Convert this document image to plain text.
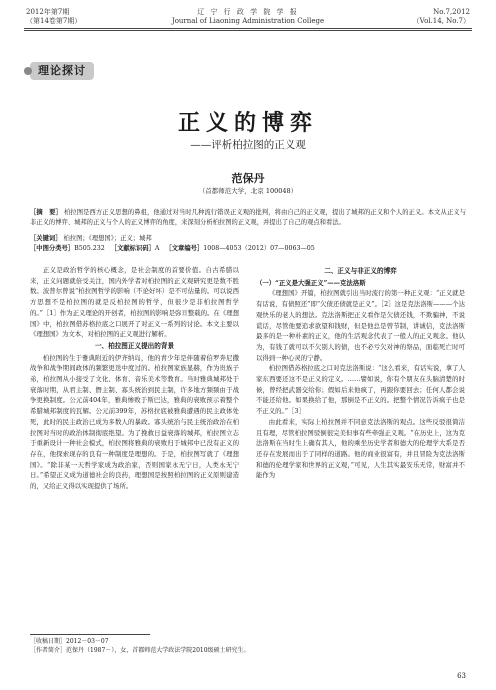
2012年第7期
（第14卷第7期）
辽 宁 行 政 学 院 学 报
Journal of Liaoning Administration College
No.7,2012
（Vol.14, No.7）
理论探讨
正义的博弈
——评析柏拉图的正义观
范保丹
（首都师范大学，北京 100048）
［摘　要］ 柏拉图是西方正义思想的鼻祖，他通过对当时几种流行错误正义观的批判，将由自己的正义观，提出了城邦的正义和个人的正义。本文从正义与非正义的博弈、城邦的正义与个人的正义博弈的角度，来深刻分析柏拉图的正义观，并提出了自己的观点和看法。
［关键词］ 柏拉图；《理想国》；正义；城邦
［中图分类号］B505.232 ［文献标识码］A ［文章编号］1008—4053（2012）07—0063—05

正义是政治哲学的核心概念，是社会制度的首要价值。自古希腊以来，正义问题就倍受关注，国内外学者对柏拉图的正义观研究更是数不胜数。波普尔曾说“柏拉图哲学的影响（不论好坏）是不可估量的。可以说西方思想不是柏拉图的就是反柏拉图的哲学，但很少是非柏拉图哲学的。”［1］作为正义理论的开创者，柏拉图的影响是弥亘整载的。在《理想国》中，柏拉图借苏格拉底之口展开了对正义一系列的讨论。本文主要以《理想国》为文本，对柏拉图的正义观进行解析。

一、柏拉图正义提出的背景

柏拉图的生于雅典附近的伊齐纳岛，他的青少年是伴随着伯罗奔尼撒战争和战争期间政体的频繁更迭中度过的。柏拉图家族显赫，作为贵族子弟，柏拉图从小接受了文化、体育、音乐美术等教育。当时雅典城邦处于衰落时期，从君主制、僭主制、寡头统治到民主制，许多地方频频由于战争更换制度。公元前404年，雅典惨败于斯巴达，雅典的衰败预示着整个希腊城邦制度的瓦解。公元前399年，苏格拉底被雅典遭遇的民主政体处死，此时的民主政治已成为多数人的暴政。寡头统治与民主统治政治在柏拉图对当时的政治体制彻底绝望。为了挽救日益衰落的城邦，柏拉图立志于重新设计一种社会模式，柏拉图将雅典的衰败归于城邦中已没有正义的存在，他探索现存的良有一种制度是理想的。于是，柏拉图写就了《理想国》。“除非某一天哲学家成为政治家，否则国家永无宁日，人类永无宁日。”希望正义成为道德社会的良药，理想国是按照柏拉图的正义原则建造的，又给正义得以实现提供了场所。

二、正义与非正义的博弈
（一）“正义是大强正义”——克法洛斯

《理想国》开篇，柏拉图就引出当时流行的第一种正义观：“正义就是有话说，有债照还”即“欠债还债就是正义”。［2］这是克法洛斯———个达观快乐的老人的想法。克法洛斯把正义看作是欠债还钱，不欺骗神，不说谎话，尽管他要追求欲望和钱财，但是他总是曾节制，讲诚信，克法洛斯最多的是一种朴素的正义，他的生活观念代表了一般人的正义观念。他认为，有钱了就可以不欠别人的债，也不必亏欠对神的祭品，面临死亡时可以得到一种心灵的宁静。

柏拉图借苏格拉底之口对克法洛斯说：“这么看来，有话实说，拿了人家东西要还这不是正义的定义。……譬如说，你有个朋友在头脑清楚的时候，曾经把武器交给你；假如后来他疯了，再跟你要回去；任何人都会说不能还给他。如果换给了他，那倒是不正义的。把整个情况告诉疯子也是不正义的。”［3］

由此看来，实际上柏拉图并不同意克法洛斯的观点。这些反驳很简洁且有理，尽管柏拉图驳倒很完美但事有些牵强正义观。“在历史上，这为克法洛斯在当时生上确有其人，他的乘坐历史学者和德大的伦理学大系是否还存在发展而出于了同样的道路。他的商业很富有，并且冒险为克法洛斯和德的伦理学家和世界的正义观，”可见，人生其实最安乐无常，财富并不能作为

［收稿日期］2012－03－07
［作者简介］范保丹（1987－），女，首都师范大学政法学院2010级硕士研究生。
63
